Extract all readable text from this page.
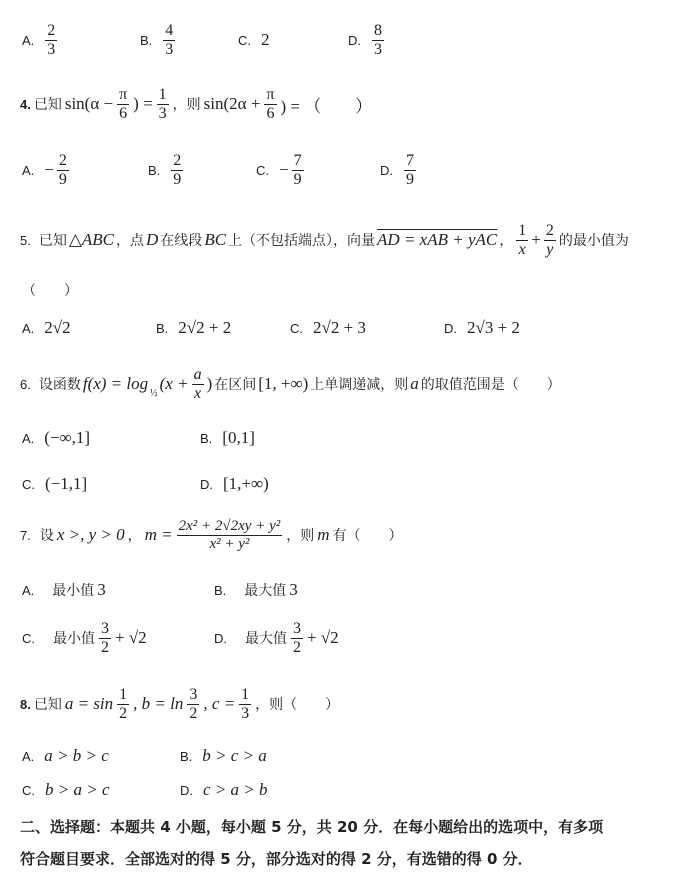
A. $\frac{2}{3}$	B. $\frac{4}{3}$	C. 2	D. $\frac{8}{3}$
4. 已知 $\sin(\alpha - \frac{\pi}{6}$ ) = $\frac{1}{3}$ ，则 $\sin(2\alpha + \frac{\pi}{6}$ ) = （　　）
A. − $\frac{2}{9}$	B. $\frac{2}{9}$	C. − $\frac{7}{9}$	D. $\frac{7}{9}$
5. 已知 △ABC ，点 D 在线段 BC 上（不包括端点），向量 AD = xAB + yAC ， $\frac{1}{x} + \frac{2}{y}$ 的最小值为
（　　）
A. 2√2	B. 2√2 + 2	C. 2√2 + 3	D. 2√3 + 2
6. 设函数 f(x) = log ½ ($x + \frac{a}{x}$ ) 在区间 [1, +∞) 上单调递减，则 a 的取值范围是（　　）
A. (−∞,1]	B. [0,1]
C. (−1,1]	D. [1,+∞)
7. 设 x >, y > 0 ， $m = \frac{\text{2x² + 2√2xy + y²}}{\text{x² + y²}}$ ，则 m 有（　　）
A. 最小值 3	B. 最大值 3
C. 最小值 $\frac{3}{2} + √2$	D. 最大值 $\frac{3}{2} + √2$
8. 已知 $a = \sin \frac{1}{2}$ , $b = \ln \frac{3}{2}$ , $c = \frac{1}{3}$ ，则（　　）
A. a > b > c	B. b > c > a
C. b > a > c	D. c > a > b
二、选择题：本题共 4 小题，每小题 5 分，共 20 分．在每小题给出的选项中，有多项
符合题目要求．全部选对的得 5 分，部分选对的得 2 分，有选错的得 0 分．
